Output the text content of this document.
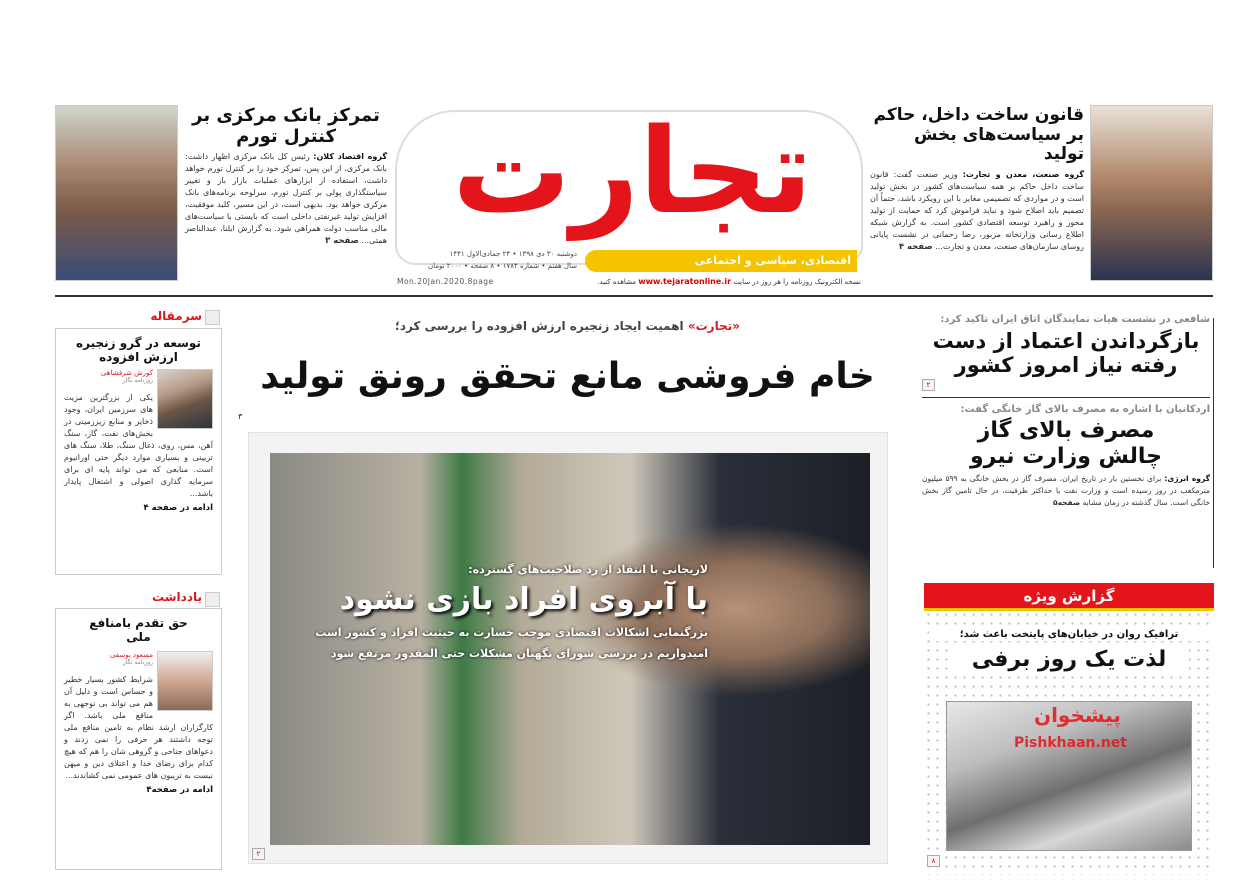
تمرکز بانک مرکزی بر کنترل تورم
گروه اقتصاد کلان: رئیس کل بانک مرکزی اظهار داشت: بانک مرکزی، از این پس، تمرکز خود را بر کنترل تورم خواهد داشت، استفاده از ابزارهای عملیات بازار باز و تغییر سیاستگذاری پولی بر کنترل تورم، سرلوحه برنامه‌های بانک مرکزی خواهد بود. بدیهی است، در این مسیر، کلید موفقیت، افزایش تولید غیرنفتی داخلی است که بایستی با سیاست‌های مالی مناسب دولت همراهی شود. به گزارش ایلنا، عبدالناصر همتی... صفحه ۳
اقتصادی، سیاسی و اجتماعی
تجارت
دوشنبه ۳۰ دی ۱۳۹۸ • ۲۴ جمادی‌الاول ۱۴۴۱
سال هفتم • شماره ۱۷۸۴ • ۸ صفحه • ۲۰۰۰ تومان
Mon.20Jan.2020.8page	نسخه الکترونیک روزنامه را هر روز در سایت www.tejaratonline.ir مشاهده کنید.
قانون ساخت داخل، حاکم بر سیاست‌های بخش تولید
گروه صنعت، معدن و تجارت: وزیر صنعت گفت: قانون ساخت داخل حاکم بر همه سیاست‌های کشور در بخش تولید است و در مواردی که تصمیمی مغایر با این رویکرد باشد، حتماً آن تصمیم باید اصلاح شود و نباید فراموش کرد که حمایت از تولید محور و راهبرد توسعه اقتصادی کشور است. به گزارش شبکه اطلاع رسانی وزارتخانه مزبور، رضا رحمانی در نشست پایانی روسای سازمان‌های صنعت، معدن و تجارت... صفحه ۴
سرمقاله
توسعه در گرو زنجیره ارزش افزوده
کورش شرفشاهی
روزنامه نگار
یکی از بزرگترین مزیت های سرزمین ایران، وجود ذخایر و منابع زیرزمینی در بخش‌های نفت، گاز، سنگ آهن، مس، روی، ذغال سنگ، طلا، سنگ های تزیینی و بسیاری موارد دیگر حتی اورانیوم است. منابعی که می تواند پایه ای برای سرمایه گذاری اصولی و اشتغال پایدار باشد...
ادامه در صفحه ۴
یادداشت
حق تقدم بامنافع ملی
مسعود یوسفی
روزنامه نگار
شرایط کشور بسیار خطیر و حساس است و دلیل آن هم می تواند بی توجهی به منافع ملی باشد. اگر کارگزاران ارشد نظام به تامین منافع ملی توجه داشتند هر حرفی را نمی زدند و دعواهای جناحی و گروهی شان را هم که هیچ کدام برای رضای خدا و اعتلای دین و میهن نیست به تریبون های عمومی نمی کشاندند...
ادامه در صفحه۴
«تجارت» اهمیت ایجاد زنجیره ارزش افزوده را بررسی کرد؛
خام فروشی مانع تحقق رونق تولید
۳
لاریجانی با انتقاد از رد صلاحیت‌های گسترده:
با آبروی افراد بازی نشود
بزرگنمایی اشکالات اقتصادی موجب خسارت به حیثیت افراد و کشور است
امیدواریم در بررسی شورای نگهبان مشکلات حتی المقدور مرتفع شود
۲
شافعی در نشست هیات نمایندگان اتاق ایران تاکید کرد:
بازگرداندن اعتماد از دست رفته نیاز امروز کشور
۲
اردکانیان با اشاره به مصرف بالای گاز خانگی گفت:
مصرف بالای گاز چالش وزارت نیرو
گروه انرژی: برای نخستین بار در تاریخ ایران، مصرف گاز در بخش خانگی به ۵۹۹ میلیون مترمکعب در روز رسیده است و وزارت نفت با حداکثر ظرفیت، در حال تامین گاز بخش خانگی است. سال گذشته در زمان مشابه صفحه۵
گزارش ویژه
ترافیک روان در خیابان‌های پایتخت باعث شد؛
لذت یک روز برفی
پیشخوان
Pishkhaan.net
۸
